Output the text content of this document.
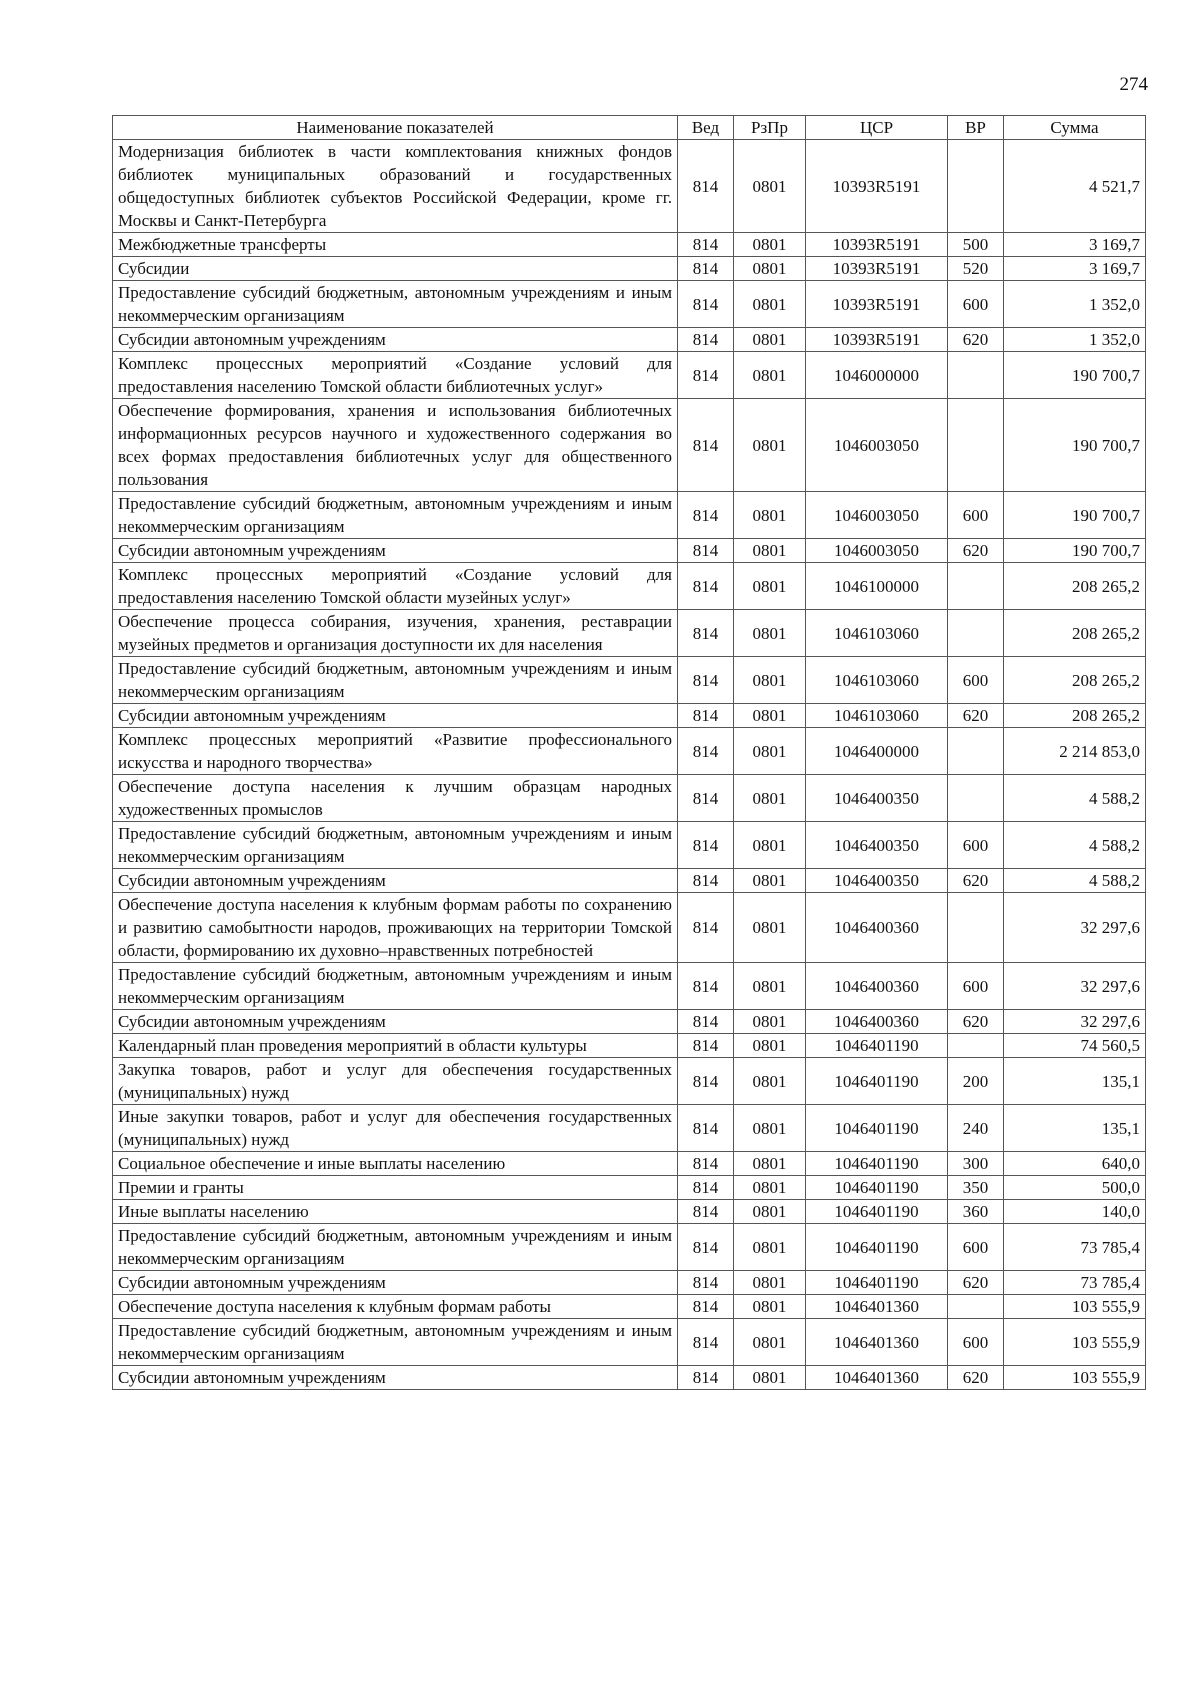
274
Наименование показателей	Вед	РзПр	ЦСР	ВР	Сумма
Модернизация библиотек в части комплектования книжных фондов библиотек муниципальных образований и государственных общедоступных библиотек субъектов Российской Федерации, кроме гг. Москвы и Санкт-Петербурга	814	0801	10393R5191		4 521,7
Межбюджетные трансферты	814	0801	10393R5191	500	3 169,7
Субсидии	814	0801	10393R5191	520	3 169,7
Предоставление субсидий бюджетным, автономным учреждениям и иным некоммерческим организациям	814	0801	10393R5191	600	1 352,0
Субсидии автономным учреждениям	814	0801	10393R5191	620	1 352,0
Комплекс процессных мероприятий «Создание условий для предоставления населению Томской области библиотечных услуг»	814	0801	1046000000		190 700,7
Обеспечение формирования, хранения и использования библиотечных информационных ресурсов научного и художественного содержания во всех формах предоставления библиотечных услуг для общественного пользования	814	0801	1046003050		190 700,7
Предоставление субсидий бюджетным, автономным учреждениям и иным некоммерческим организациям	814	0801	1046003050	600	190 700,7
Субсидии автономным учреждениям	814	0801	1046003050	620	190 700,7
Комплекс процессных мероприятий «Создание условий для предоставления населению Томской области музейных услуг»	814	0801	1046100000		208 265,2
Обеспечение процесса собирания, изучения, хранения, реставрации музейных предметов и организация доступности их для населения	814	0801	1046103060		208 265,2
Предоставление субсидий бюджетным, автономным учреждениям и иным некоммерческим организациям	814	0801	1046103060	600	208 265,2
Субсидии автономным учреждениям	814	0801	1046103060	620	208 265,2
Комплекс процессных мероприятий «Развитие профессионального искусства и народного творчества»	814	0801	1046400000		2 214 853,0
Обеспечение доступа населения к лучшим образцам народных художественных промыслов	814	0801	1046400350		4 588,2
Предоставление субсидий бюджетным, автономным учреждениям и иным некоммерческим организациям	814	0801	1046400350	600	4 588,2
Субсидии автономным учреждениям	814	0801	1046400350	620	4 588,2
Обеспечение доступа населения к клубным формам работы по сохранению и развитию самобытности народов, проживающих на территории Томской области, формированию их духовно–нравственных потребностей	814	0801	1046400360		32 297,6
Предоставление субсидий бюджетным, автономным учреждениям и иным некоммерческим организациям	814	0801	1046400360	600	32 297,6
Субсидии автономным учреждениям	814	0801	1046400360	620	32 297,6
Календарный план проведения мероприятий в области культуры	814	0801	1046401190		74 560,5
Закупка товаров, работ и услуг для обеспечения государственных (муниципальных) нужд	814	0801	1046401190	200	135,1
Иные закупки товаров, работ и услуг для обеспечения государственных (муниципальных) нужд	814	0801	1046401190	240	135,1
Социальное обеспечение и иные выплаты населению	814	0801	1046401190	300	640,0
Премии и гранты	814	0801	1046401190	350	500,0
Иные выплаты населению	814	0801	1046401190	360	140,0
Предоставление субсидий бюджетным, автономным учреждениям и иным некоммерческим организациям	814	0801	1046401190	600	73 785,4
Субсидии автономным учреждениям	814	0801	1046401190	620	73 785,4
Обеспечение доступа населения к клубным формам работы	814	0801	1046401360		103 555,9
Предоставление субсидий бюджетным, автономным учреждениям и иным некоммерческим организациям	814	0801	1046401360	600	103 555,9
Субсидии автономным учреждениям	814	0801	1046401360	620	103 555,9
